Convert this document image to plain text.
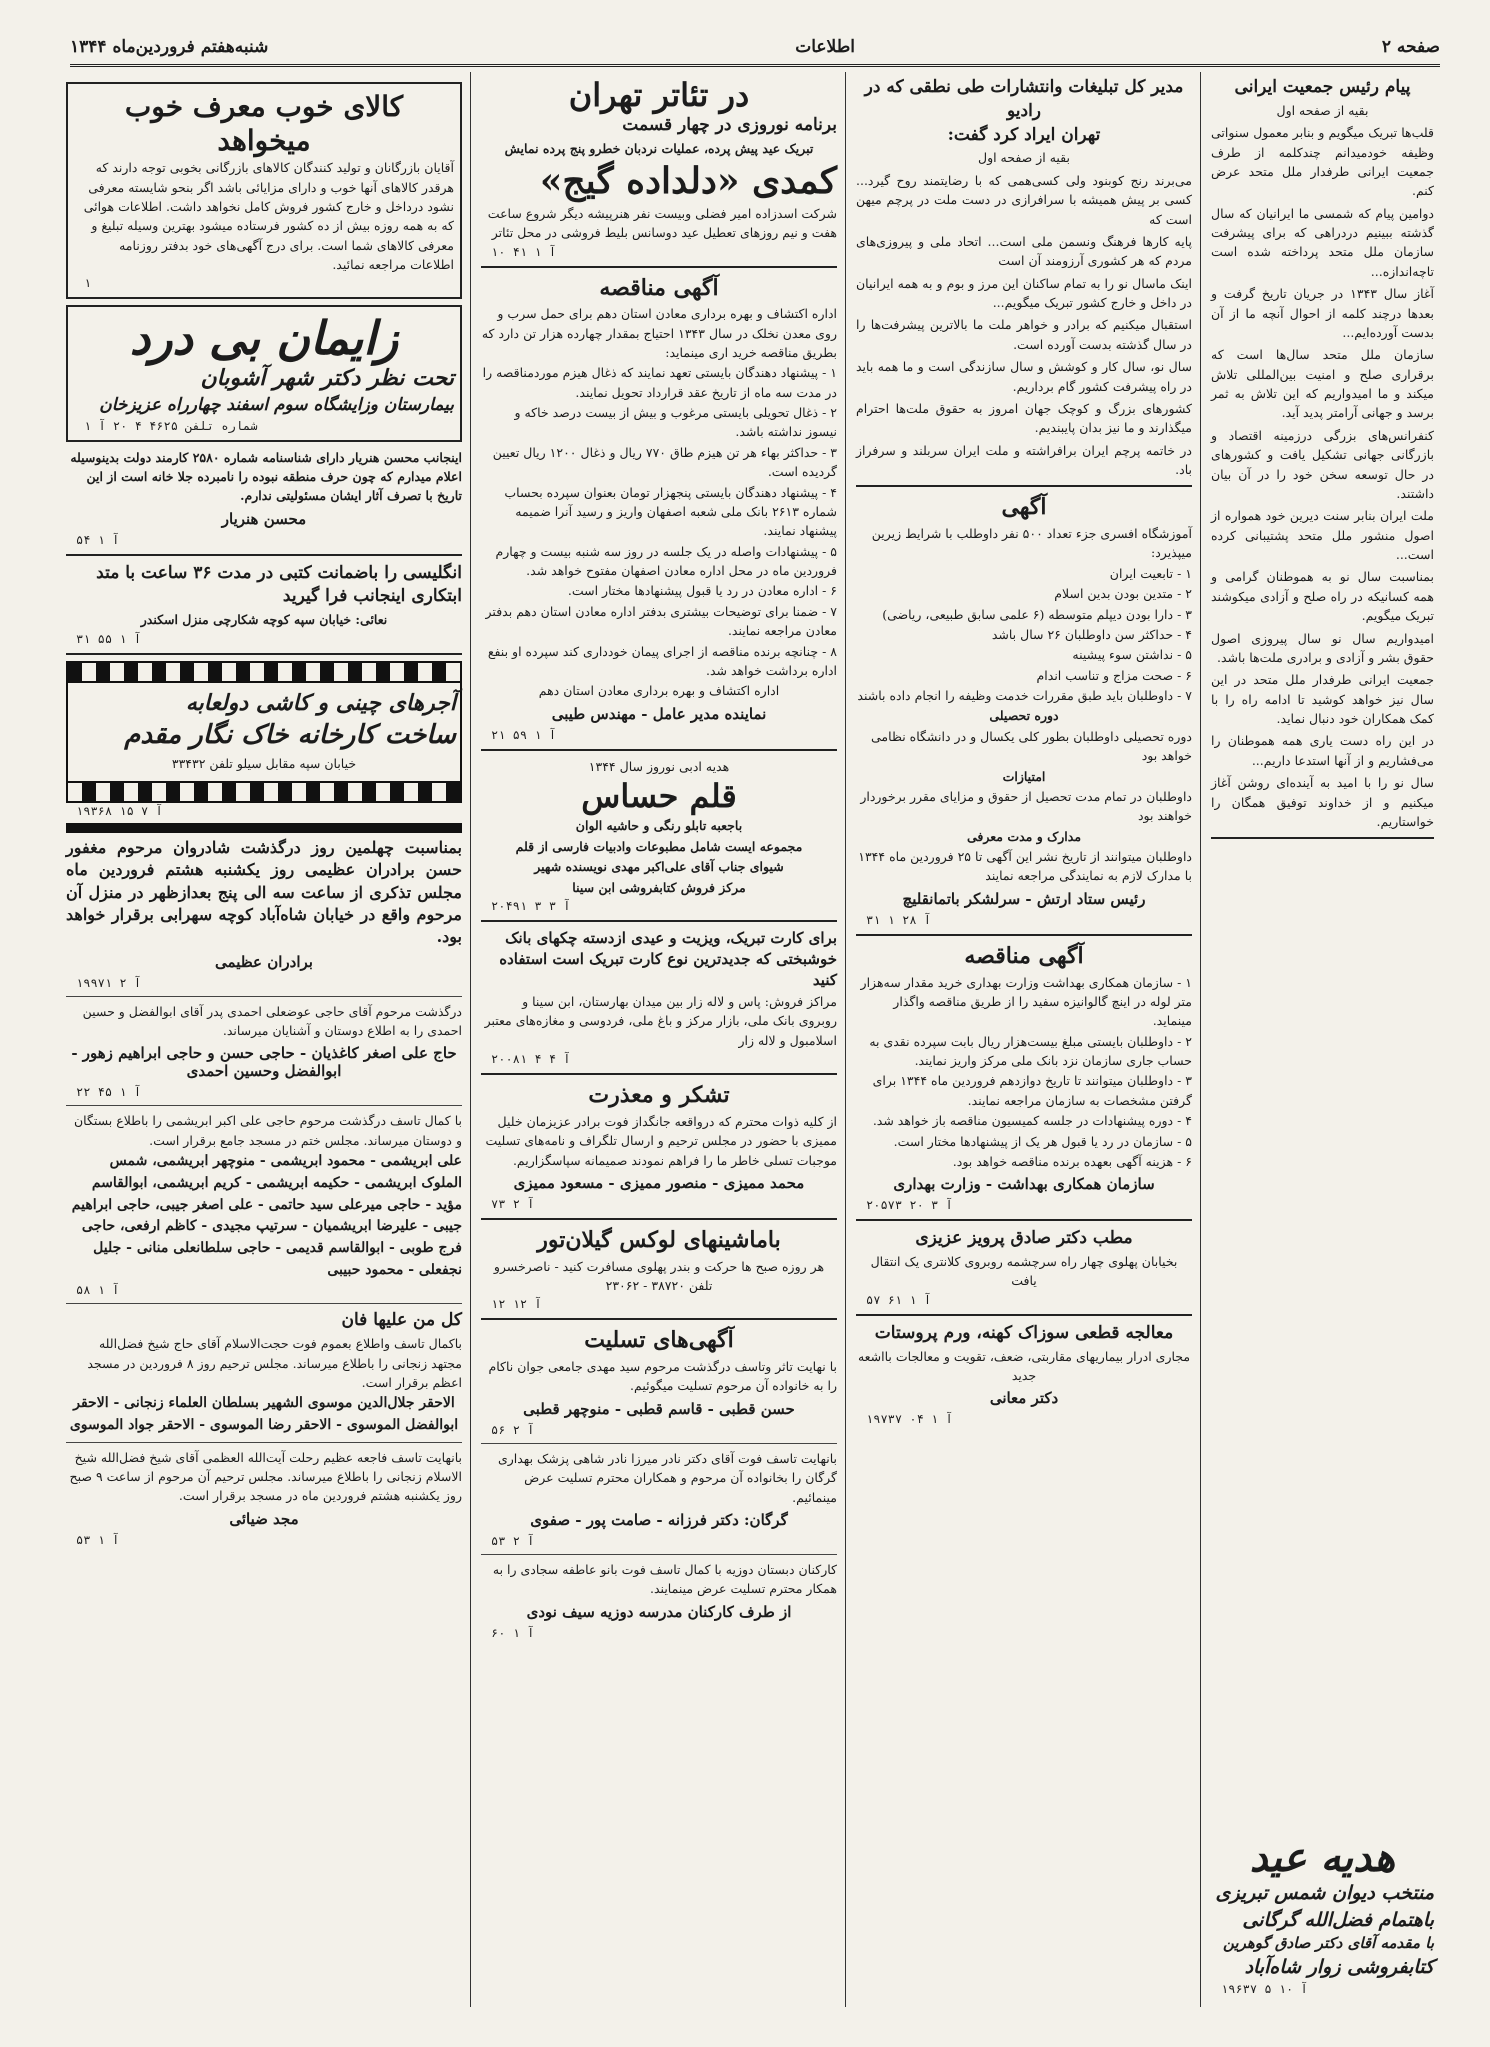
صفحه ۲
اطلاعات
شنبه‌هفتم فروردین‌ماه ۱۳۴۴
پیام رئیس جمعیت ایرانی
بقیه از صفحه اول

قلب‌ها تبریک میگویم و بنابر معمول سنواتی وظیفه خودمیدانم چندکلمه از طرف جمعیت ایرانی طرفدار ملل متحد عرض کنم.

دوامین پیام که شمسی ما ایرانیان که سال گذشته ببینیم دردراهی که برای پیشرفت سازمان ملل متحد پرداخته شده است تاچه‌اندازه...

آغاز سال ۱۳۴۳ در جریان تاریخ گرفت و بعدها درچند کلمه از احوال آنچه ما از آن بدست آورده‌ایم...

سازمان ملل متحد سال‌ها است که برقراری صلح و امنیت بین‌المللی تلاش میکند و ما امیدواریم که این تلاش به ثمر برسد و جهانی آرامتر پدید آید.

کنفرانس‌های بزرگی درزمینه اقتصاد و بازرگانی جهانی تشکیل یافت و کشورهای در حال توسعه سخن خود را در آن بیان داشتند.

ملت ایران بنابر سنت دیرین خود همواره از اصول منشور ملل متحد پشتیبانی کرده است...

بمناسبت سال نو به هموطنان گرامی و همه کسانیکه در راه صلح و آزادی میکوشند تبریک میگویم.

امیدواریم سال نو سال پیروزی اصول حقوق بشر و آزادی و برادری ملت‌ها باشد.

جمعیت ایرانی طرفدار ملل متحد در این سال نیز خواهد کوشید تا ادامه راه را با کمک همکاران خود دنبال نماید.

در این راه دست یاری همه هموطنان را می‌فشاریم و از آنها استدعا داریم...

سال نو را با امید به آینده‌ای روشن آغاز میکنیم و از خداوند توفیق همگان را خواستاریم.

هدیه عید
منتخب دیوان شمس تبریزی
باهتمام فضل‌الله گرگانی
با مقدمه آقای دکتر صادق گوهرین
کتابفروشی زوار شاه‌آباد
۱۹۶۳۷ آ ۱۰ ۵
مدیر کل تبلیغات وانتشارات طی نطقی که در رادیو
تهران ایراد کرد گفت:
بقیه از صفحه اول

می‌برند رنج کوبنود ولی کسی‌همی که با رضایتمند روح گیرد... کسی بر پیش همیشه با سرافرازی در دست ملت در پرچم میهن است که

پایه کارها فرهنگ ونسمن ملی است... اتحاد ملی و پیروزی‌های مردم که هر کشوری آرزومند آن است

اینک ماسال نو را به تمام ساکنان این مرز و بوم و به همه ایرانیان در داخل و خارج کشور تبریک میگویم...

استقبال میکنیم که برادر و خواهر ملت ما بالاترین پیشرفت‌ها را در سال گذشته بدست آورده است.

سال نو، سال کار و کوشش و سال سازندگی است و ما همه باید در راه پیشرفت کشور گام برداریم.

کشورهای بزرگ و کوچک جهان امروز به حقوق ملت‌ها احترام میگذارند و ما نیز بدان پایبندیم.

در خاتمه پرچم ایران برافراشته و ملت ایران سربلند و سرفراز باد.

آگهی
آموزشگاه افسری جزء تعداد ۵۰۰ نفر داوطلب با شرایط زیرین میپذیرد:
۱ - تابعیت ایران
۲ - متدین بودن بدین اسلام
۳ - دارا بودن دیپلم متوسطه (۶ علمی سابق طبیعی، ریاضی)
۴ - حداکثر سن داوطلبان ۲۶ سال باشد
۵ - نداشتن سوء پیشینه
۶ - صحت مزاج و تناسب اندام
۷ - داوطلبان باید طبق مقررات خدمت وظیفه را انجام داده باشند
دوره تحصیلی
دوره تحصیلی داوطلبان بطور کلی یکسال و در دانشگاه نظامی خواهد بود
امتیازات
داوطلبان در تمام مدت تحصیل از حقوق و مزایای مقرر برخوردار خواهند بود
مدارک و مدت معرفی
داوطلبان میتوانند از تاریخ نشر این آگهی تا ۲۵ فروردین ماه ۱۳۴۴ با مدارک لازم به نمایندگی مراجعه نمایند
رئیس ستاد ارتش - سرلشکر باتمانقلیچ
۳۱ ۱ آ ۲۸
آگهی مناقصه
۱ - سازمان همکاری بهداشت وزارت بهداری خرید مقدار سه‌هزار متر لوله در اینچ گالوانیزه سفید را از طریق مناقصه واگذار مینماید.
۲ - داوطلبان بایستی مبلغ بیست‌هزار ریال بابت سپرده نقدی به حساب جاری سازمان نزد بانک ملی مرکز واریز نمایند.
۳ - داوطلبان میتوانند تا تاریخ دوازدهم فروردین ماه ۱۳۴۴ برای گرفتن مشخصات به سازمان مراجعه نمایند.
۴ - دوره پیشنهادات در جلسه کمیسیون مناقصه باز خواهد شد.
۵ - سازمان در رد یا قبول هر یک از پیشنهادها مختار است.
۶ - هزینه آگهی بعهده برنده مناقصه خواهد بود.
سازمان همکاری بهداشت - وزارت بهداری
۲۰۵۷۳ آ ۳ ۲۰
مطب دکتر صادق پرویز عزیزی
بخیابان پهلوی چهار راه سرچشمه روبروی کلانتری یک انتقال یافت
۵۷ آ ۱ ۶۱
معالجه قطعی سوزاک کهنه، ورم پروستات
مجاری ادرار بیماریهای مقاربتی، ضعف، تقویت و معالجات بااشعه جدید
دکتر معانی
۱۹۷۳۷ آ ۱ ۰۴
در تئاتر تهران
برنامه نوروزی در چهار قسمت
تبریک عید پیش پرده، عملیات نردبان خطرو پنج پرده نمایش
کمدی «دلداده گیج»
شرکت اسدزاده امیر فضلی وبیست نفر هنرپیشه دیگر شروع ساعت هفت و نیم روزهای تعطیل عید دوسانس بلیط فروشی در محل تئاتر
۱۰ ۴۱ آ ۱
آگهی مناقصه
اداره اکتشاف و بهره برداری معادن استان دهم برای حمل سرب و روی معدن نخلک در سال ۱۳۴۳ احتیاج بمقدار چهارده هزار تن دارد که بطریق مناقصه خرید اری مینماید:
۱ - پیشنهاد دهندگان بایستی تعهد نمایند که ذغال هیزم موردمناقصه را در مدت سه ماه از تاریخ عقد قرارداد تحویل نمایند.
۲ - ذغال تحویلی بایستی مرغوب و بیش از بیست درصد خاکه و نیسوز نداشته باشد.
۳ - حداکثر بهاء هر تن هیزم طاق ۷۷۰ ریال و ذغال ۱۲۰۰ ریال تعیین گردیده است.
۴ - پیشنهاد دهندگان بایستی پنجهزار تومان بعنوان سپرده بحساب شماره ۲۶۱۳ بانک ملی شعبه اصفهان واریز و رسید آنرا ضمیمه پیشنهاد نمایند.
۵ - پیشنهادات واصله در یک جلسه در روز سه شنبه بیست و چهارم فروردین ماه در محل اداره معادن اصفهان مفتوح خواهد شد.
۶ - اداره معادن در رد یا قبول پیشنهادها مختار است.
۷ - ضمنا برای توضیحات بیشتری بدفتر اداره معادن استان دهم بدفتر معادن مراجعه نمایند.
۸ - چنانچه برنده مناقصه از اجرای پیمان خودداری کند سپرده او بنفع اداره برداشت خواهد شد.
اداره اکتشاف و بهره برداری معادن استان دهم
نماینده مدیر عامل - مهندس طیبی
۲۱ ۵۹ آ ۱
هدیه ادبی نوروز سال ۱۳۴۴
قلم حساس
باجعبه تابلو رنگی و حاشیه الوان
مجموعه ایست شامل مطبوعات وادبیات فارسی از قلم
شیوای جناب آقای علی‌اکبر مهدی نویسنده شهیر
مرکز فروش کتابفروشی ابن سینا
۲۰۴۹۱ آ ۳ ۳
برای کارت تبریک، ویزیت و عیدی ازدسته چکهای بانک
خوشبختی که جدیدترین نوع کارت تبریک است استفاده کنید
مراکز فروش: پاس و لاله زار بین میدان بهارستان، ابن سینا و روبروی بانک ملی، بازار مرکز و باغ ملی، فردوسی و مغازه‌های معتبر اسلامبول و لاله زار
۲۰۰۸۱ آ ۴ ۴
تشکر و معذرت
از کلیه ذوات محترم که درواقعه جانگداز فوت برادر عزیزمان خلیل ممیزی با حضور در مجلس ترحیم و ارسال تلگراف و نامه‌های تسلیت موجبات تسلی خاطر ما را فراهم نمودند صمیمانه سپاسگزاریم.
محمد ممیزی - منصور ممیزی - مسعود ممیزی
۷۳ آ ۲
باماشینهای لوکس گیلان‌تور
هر روزه صبح ها حرکت و بندر پهلوی مسافرت کنید - ناصرخسرو تلفن ۳۸۷۲۰ - ۲۳۰۶۲
۱۲ آ ۱۲
آگهی‌های تسلیت
با نهایت تاثر وتاسف درگذشت مرحوم سید مهدی جامعی جوان ناکام را به خانواده آن مرحوم تسلیت میگوئیم.
حسن قطبی - قاسم قطبی - منوچهر قطبی
۵۶ آ ۲
بانهایت تاسف فوت آقای دکتر نادر میرزا نادر شاهی پزشک بهداری گرگان را بخانواده آن مرحوم و همکاران محترم تسلیت عرض مینمائیم.
گرگان: دکتر فرزانه - صامت پور - صفوی
۵۳ آ ۲
کارکنان دبستان دوزیه با کمال تاسف فوت بانو عاطفه سجادی را به همکار محترم تسلیت عرض مینمایند.
از طرف کارکنان مدرسه دوزیه سیف نودی
۶۰ آ ۱
کالای خوب معرف خوب میخواهد
آقایان بازرگانان و تولید کنندگان کالاهای بازرگانی بخوبی توجه دارند که هرقدر کالاهای آنها خوب و دارای مزایائی باشد اگر بنحو شایسته معرفی نشود درداخل و خارج کشور فروش کامل نخواهد داشت. اطلاعات هوائی که به همه روزه بیش از ده کشور فرستاده میشود بهترین وسیله تبلیغ و معرفی کالاهای شما است. برای درج آگهی‌های خود بدفتر روزنامه اطلاعات مراجعه نمائید.
۱
زایمان بی درد
تحت نظر دکتر شهر آشوبان
بیمارستان وزایشگاه سوم اسفند چهارراه عزیزخان
شماره تلفن ۴۶۲۵ ۴ ۲۰ آ ۱
اینجانب محسن هنریار دارای شناسنامه شماره ۲۵۸۰ کارمند دولت بدینوسیله اعلام میدارم که چون حرف منطقه نبوده را نامبرده جلا خانه است از این تاریخ با تصرف آثار ایشان مسئولیتی ندارم.
محسن هنریار
۵۴ آ ۱
انگلیسی را باضمانت کتبی در مدت ۳۶ ساعت با متد ابتکاری اینجانب فرا گیرید
نعائی: خیابان سپه کوچه شکارچی منزل اسکندر
۳۱ ۵۵ آ ۱
آجرهای چینی و کاشی دولعابه
ساخت کارخانه خاک نگار مقدم
خیابان سپه مقابل سیلو تلفن ۳۳۴۳۲
۱۹۳۶۸ آ ۷ ۱۵
بمناسبت چهلمین روز درگذشت شادروان مرحوم مغفور حسن برادران عظیمی روز یکشنبه هشتم فروردین ماه مجلس تذکری از ساعت سه الی پنج بعدازظهر در منزل آن مرحوم واقع در خیابان شاه‌آباد کوچه سهرابی برقرار خواهد بود.
برادران عظیمی
۱۹۹۷۱ آ ۲
درگذشت مرحوم آقای حاجی عوضعلی احمدی پدر آقای ابوالفضل و حسین احمدی را به اطلاع دوستان و آشنایان میرساند.
حاج علی اصغر کاغذیان - حاجی حسن و حاجی ابراهیم زهور - ابوالفضل وحسین احمدی
۲۲ ۴۵ آ ۱
با کمال تاسف درگذشت مرحوم حاجی علی اکبر ابریشمی را باطلاع بستگان و دوستان میرساند. مجلس ختم در مسجد جامع برقرار است.
علی ابریشمی - محمود ابریشمی - منوچهر ابریشمی، شمس الملوک ابریشمی - حکیمه ابریشمی - کریم ابریشمی، ابوالقاسم مؤید - حاجی میرعلی سید حاتمی - علی اصغر جیبی، حاجی ابراهیم جیبی - علیرضا ابریشمیان - سرتیپ مجیدی - کاظم ارفعی، حاجی فرج طوبی - ابوالقاسم قدیمی - حاجی سلطانعلی منانی - جلیل نجفعلی - محمود حبیبی
۵۸ آ ۱
کل من علیها فان
باکمال تاسف واطلاع بعموم فوت حجت‌الاسلام آقای حاج شیخ فضل‌الله مجتهد زنجانی را باطلاع میرساند. مجلس ترحیم روز ۸ فروردین در مسجد اعظم برقرار است.
الاحقر جلال‌الدین موسوی الشهیر بسلطان العلماء زنجانی - الاحقر ابوالفضل الموسوی - الاحقر رضا الموسوی - الاحقر جواد الموسوی
بانهایت تاسف فاجعه عظیم رحلت آیت‌الله العظمی آقای شیخ فضل‌الله شیخ الاسلام زنجانی را باطلاع میرساند. مجلس ترحیم آن مرحوم از ساعت ۹ صبح روز یکشنبه هشتم فروردین ماه در مسجد برقرار است.
مجد ضیائی
۵۳ آ ۱
